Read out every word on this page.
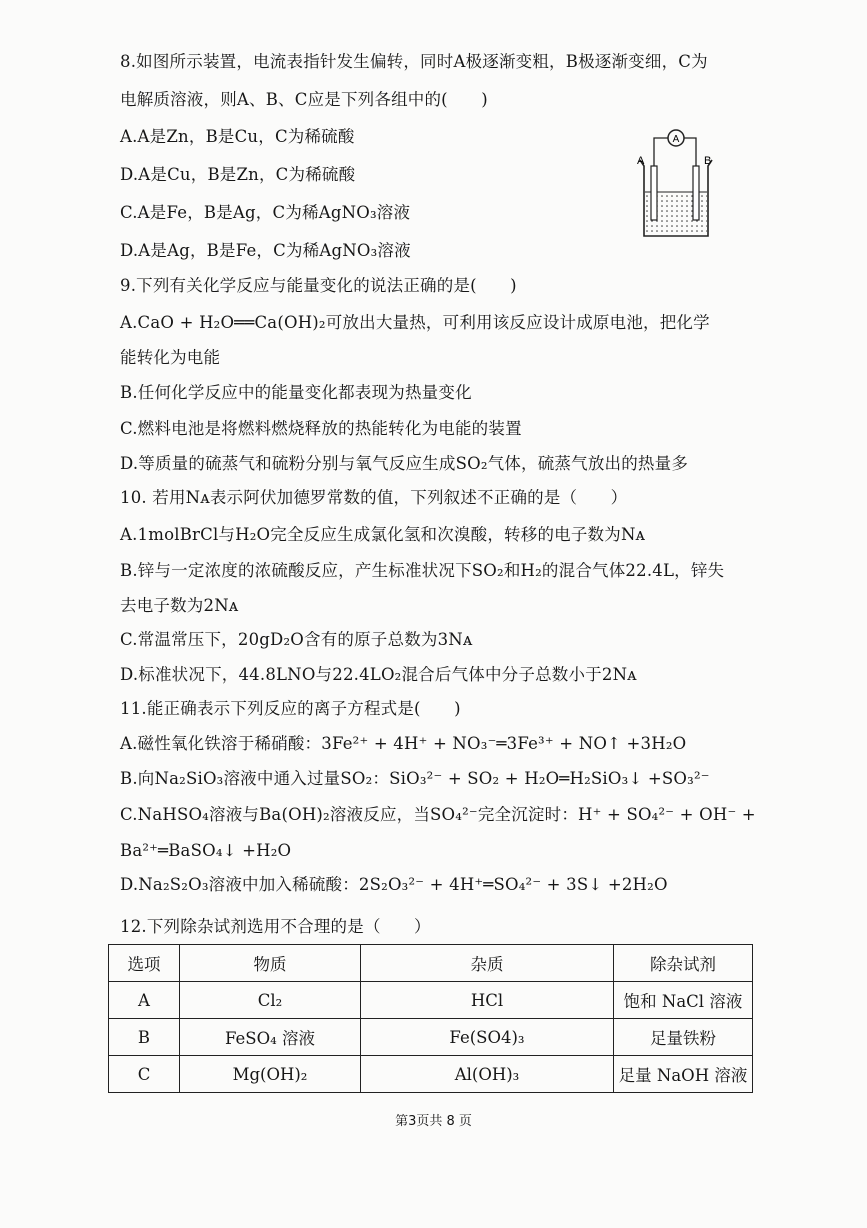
8.如图所示装置，电流表指针发生偏转，同时A极逐渐变粗，B极逐渐变细，C为
电解质溶液，则A、B、C应是下列各组中的(　　)
A.A是Zn，B是Cu，C为稀硫酸
D.A是Cu，B是Zn，C为稀硫酸
C.A是Fe，B是Ag，C为稀AgNO₃溶液
D.A是Ag，B是Fe，C为稀AgNO₃溶液
A
A	B
9.下列有关化学反应与能量变化的说法正确的是(　　)
A.CaO + H₂O══Ca(OH)₂可放出大量热，可利用该反应设计成原电池，把化学
能转化为电能
B.任何化学反应中的能量变化都表现为热量变化
C.燃料电池是将燃料燃烧释放的热能转化为电能的装置
D.等质量的硫蒸气和硫粉分别与氧气反应生成SO₂气体，硫蒸气放出的热量多
10. 若用Nᴀ表示阿伏加德罗常数的值，下列叙述不正确的是（　　）
A.1molBrCl与H₂O完全反应生成氯化氢和次溴酸，转移的电子数为Nᴀ
B.锌与一定浓度的浓硫酸反应，产生标准状况下SO₂和H₂的混合气体22.4L，锌失
去电子数为2Nᴀ
C.常温常压下，20gD₂O含有的原子总数为3Nᴀ
D.标准状况下，44.8LNO与22.4LO₂混合后气体中分子总数小于2Nᴀ
11.能正确表示下列反应的离子方程式是(　　)
A.磁性氧化铁溶于稀硝酸：3Fe²⁺ + 4H⁺ + NO₃⁻═3Fe³⁺ + NO↑ +3H₂O
B.向Na₂SiO₃溶液中通入过量SO₂：SiO₃²⁻ + SO₂ + H₂O═H₂SiO₃↓ +SO₃²⁻
C.NaHSO₄溶液与Ba(OH)₂溶液反应，当SO₄²⁻完全沉淀时：H⁺ + SO₄²⁻ + OH⁻ +
Ba²⁺═BaSO₄↓ +H₂O
D.Na₂S₂O₃溶液中加入稀硫酸：2S₂O₃²⁻ + 4H⁺═SO₄²⁻ + 3S↓ +2H₂O
12.下列除杂试剂选用不合理的是（　　）
选项	物质	杂质	除杂试剂
A	Cl₂	HCl	饱和 NaCl 溶液
B	FeSO₄ 溶液	Fe(SO4)₃	足量铁粉
C	Mg(OH)₂	Al(OH)₃	足量 NaOH 溶液
第3页共 8 页
